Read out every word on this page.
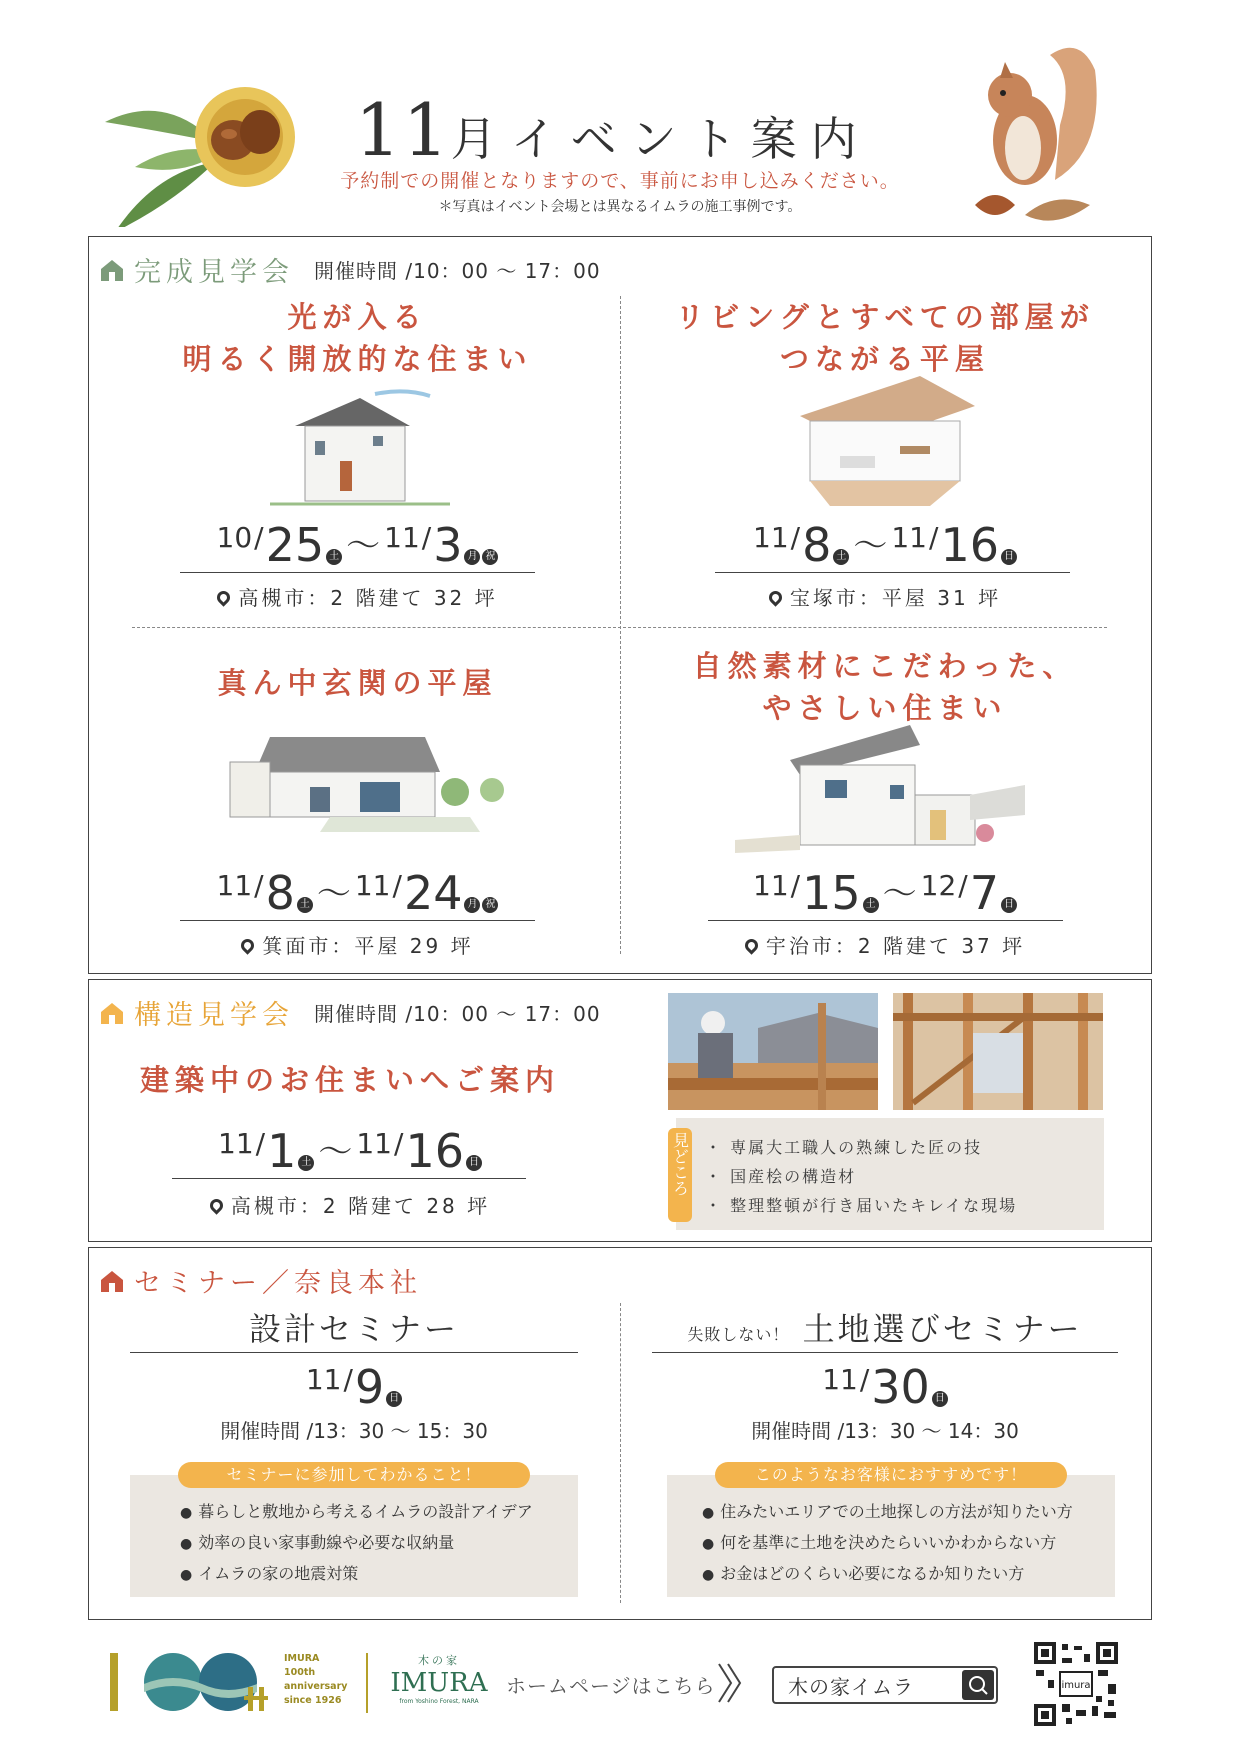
11月イベント案内
予約制での開催となりますので、事前にお申し込みください。
＊写真はイベント会場とは異なるイムラの施工事例です。
完成見学会 開催時間 /10：00 〜 17：00
光が入る
明るく開放的な住まい
10/25 土 〜 11/3 月 祝
高槻市：2 階建て 32 坪
リビングとすべての部屋が
つながる平屋
11/8 土 〜 11/16 日
宝塚市：平屋 31 坪
真ん中玄関の平屋
11/8 土 〜 11/24 月 祝
箕面市：平屋 29 坪
自然素材にこだわった、
やさしい住まい
11/15 土 〜 12/7 日
宇治市：2 階建て 37 坪
構造見学会 開催時間 /10：00 〜 17：00
建築中のお住まいへご案内
11/1 土 〜 11/16 日
高槻市：2 階建て 28 坪
見どころ ・ 専属大工職人の熟練した匠の技
・ 国産桧の構造材
・ 整理整頓が行き届いたキレイな現場
セミナー／奈良本社
設計セミナー
11/9 日
開催時間 /13：30 〜 15：30
セミナーに参加してわかること！
● 暮らしと敷地から考えるイムラの設計アイデア
● 効率の良い家事動線や必要な収納量
● イムラの家の地震対策
失敗しない！ 土地選びセミナー
11/30 日
開催時間 /13：30 〜 14：30
このようなお客様におすすめです！
● 住みたいエリアでの土地探しの方法が知りたい方
● 何を基準に土地を決めたらいいかわからない方
● お金はどのくらい必要になるか知りたい方
IMURA
100th
anniversary
since 1926
木の家
IMURA
from Yoshino Forest, NARA
ホームページはこちら	木の家イムラ	imura
